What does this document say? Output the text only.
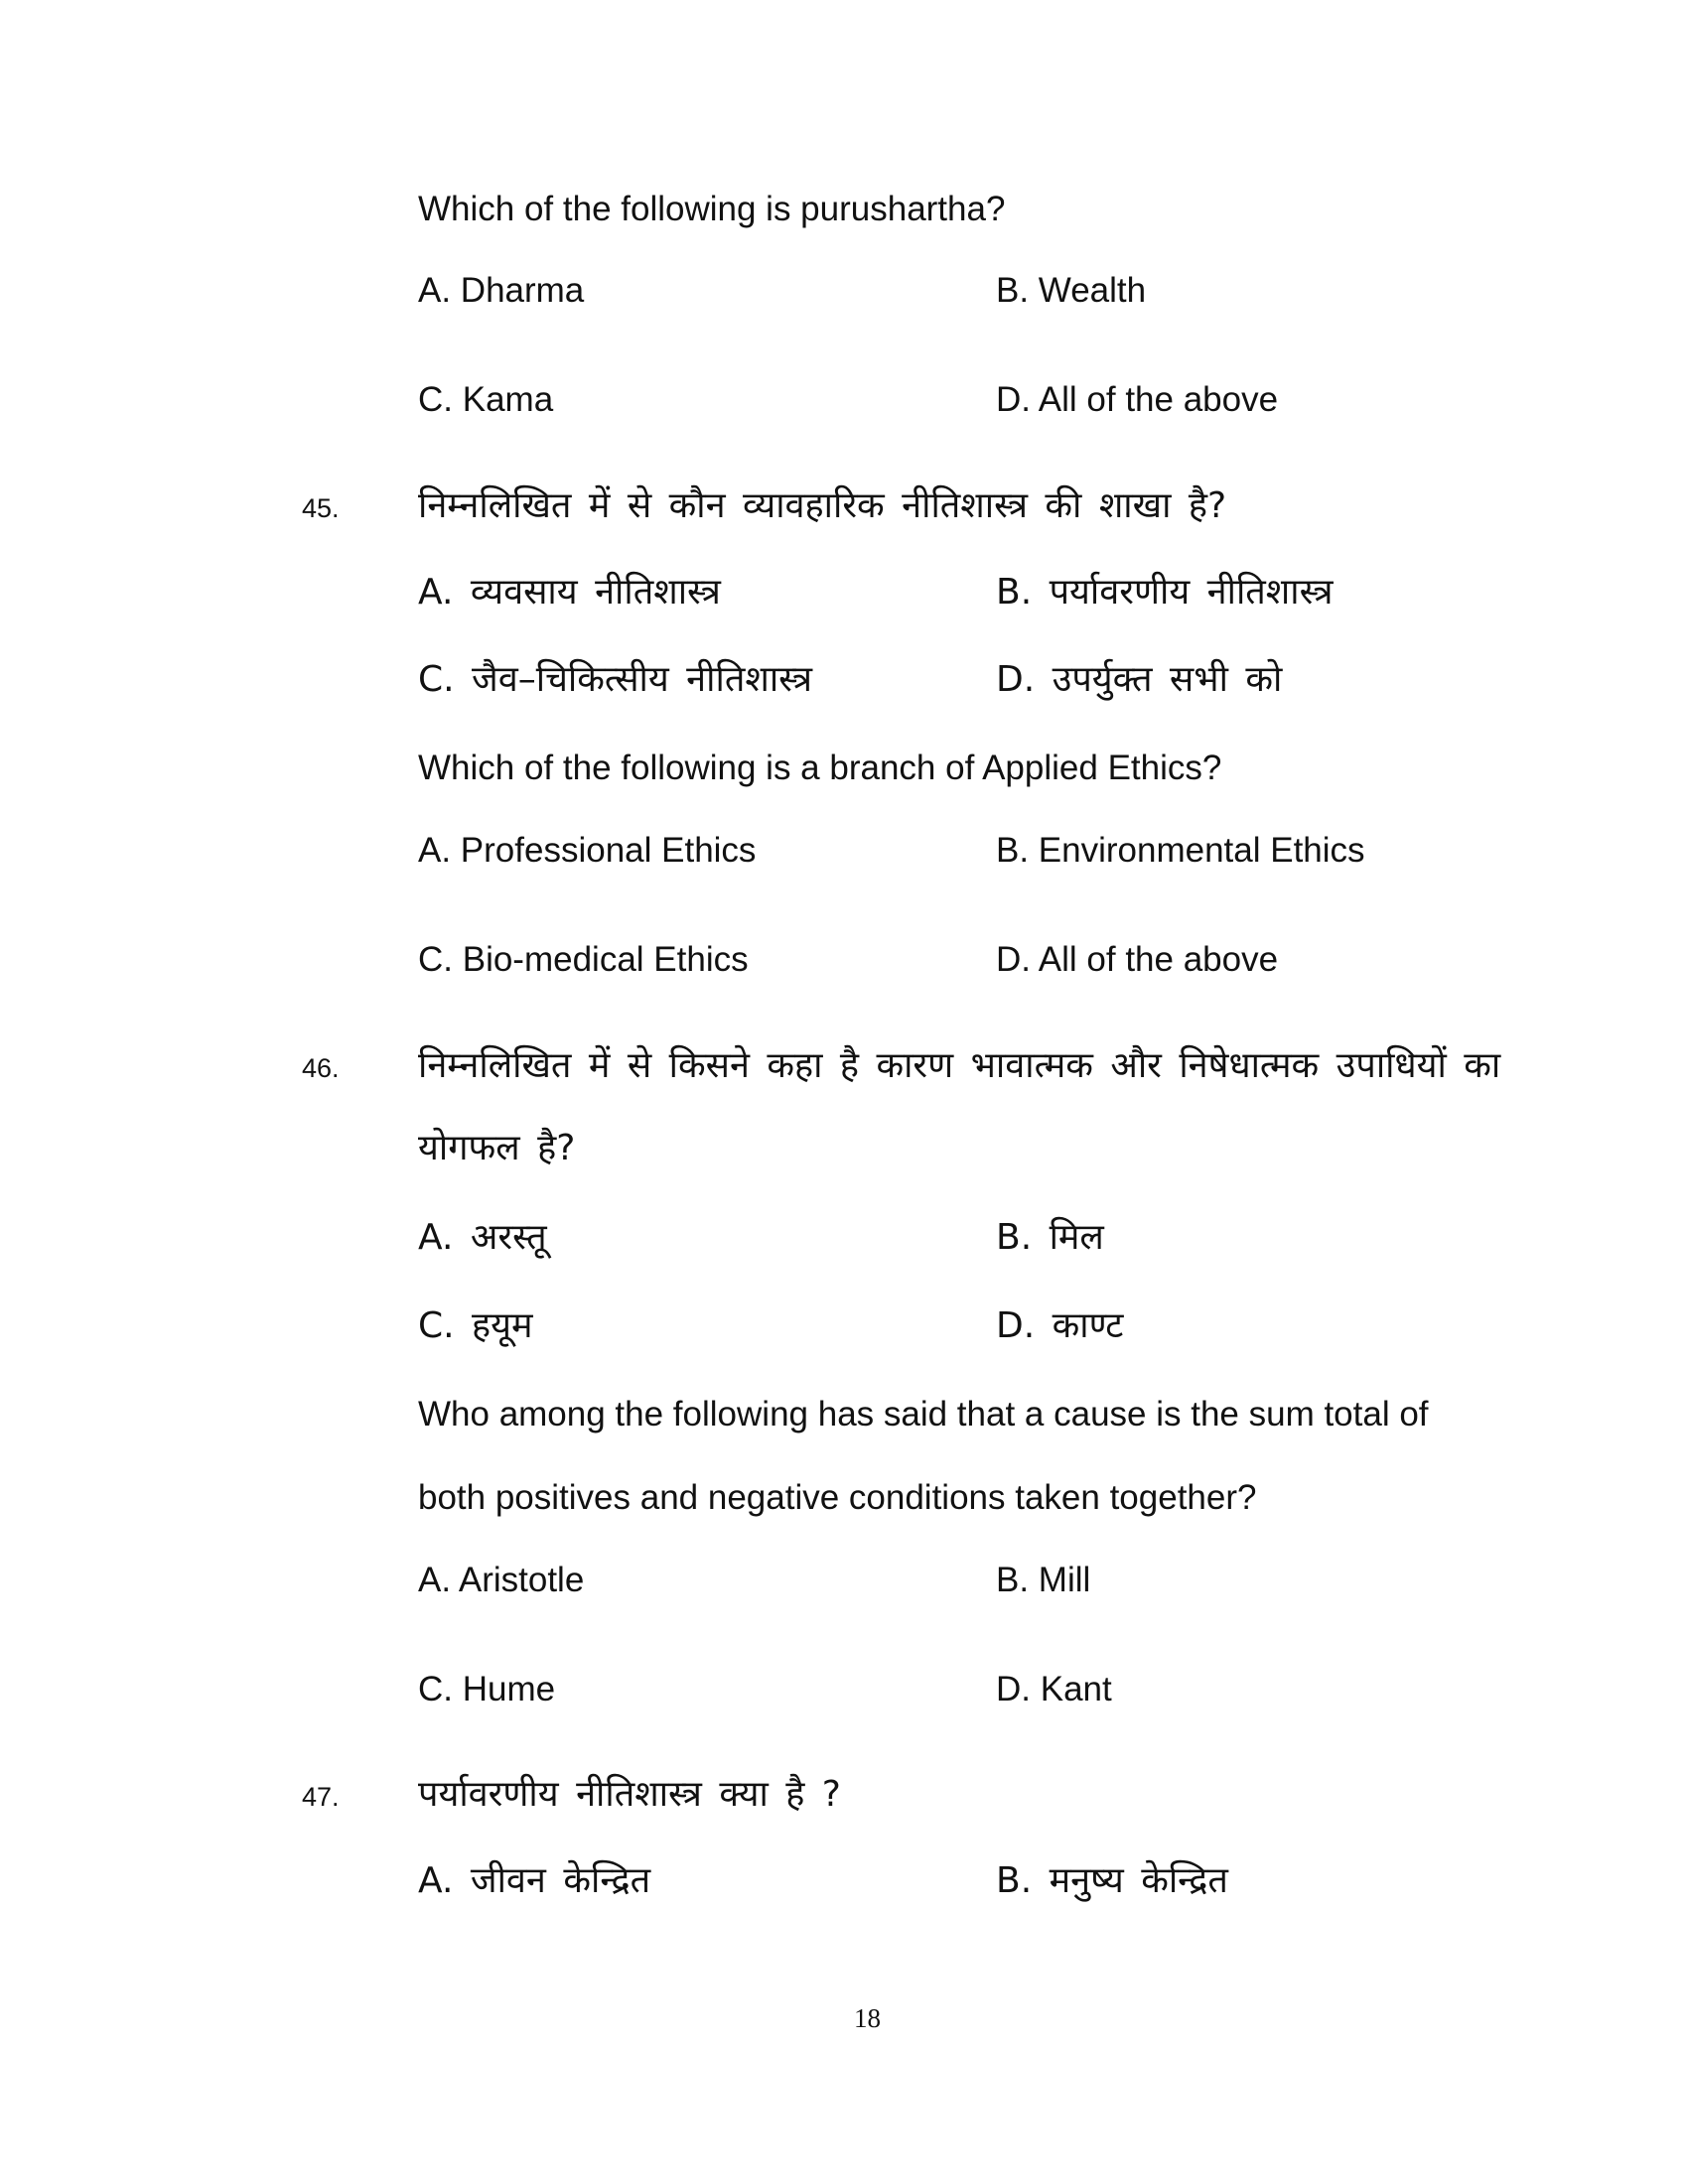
Which of the following is purushartha?
A. Dharma	B. Wealth
C. Kama	D. All of the above
45. निम्नलिखित में से कौन व्यावहारिक नीतिशास्त्र की शाखा है?
A. व्यवसाय नीतिशास्त्र	B. पर्यावरणीय नीतिशास्त्र
C. जैव–चिकित्सीय नीतिशास्त्र	D. उपर्युक्त सभी को
Which of the following is a branch of Applied Ethics?
A. Professional Ethics	B. Environmental Ethics
C. Bio-medical Ethics	D. All of the above
46. निम्नलिखित में से किसने कहा है कारण भावात्मक और निषेधात्मक उपाधियों का
योगफल है?
A. अरस्तू	B. मिल
C. हयूम	D. काण्ट
Who among the following has said that a cause is the sum total of
both positives and negative conditions taken together?
A. Aristotle	B. Mill
C. Hume	D. Kant
47. पर्यावरणीय नीतिशास्त्र क्या है ?
A. जीवन केन्द्रित	B. मनुष्य केन्द्रित
18
